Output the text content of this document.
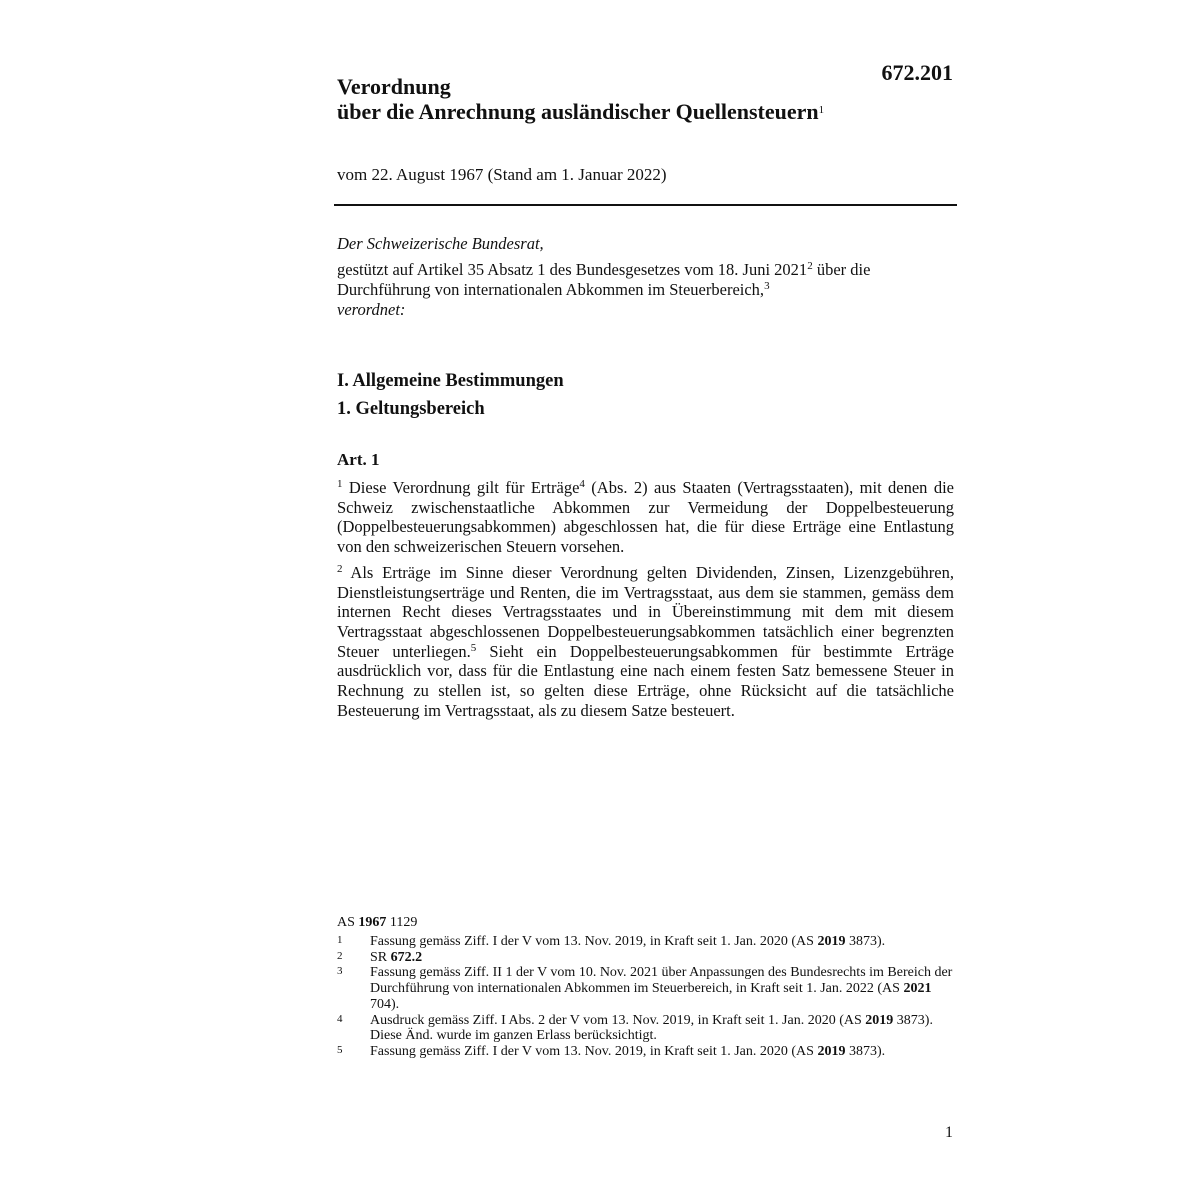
672.201
Verordnung
über die Anrechnung ausländischer Quellensteuern$^1$
vom 22. August 1967 (Stand am 1. Januar 2022)

Der Schweizerische Bundesrat,

gestützt auf Artikel 35 Absatz 1 des Bundesgesetzes vom 18. Juni 2021$^2$ über die Durchführung von internationalen Abkommen im Steuerbereich,$^3$

verordnet:

I. Allgemeine Bestimmungen
1. Geltungsbereich
Art. 1

$^1$ Diese Verordnung gilt für Erträge$^4$ (Abs. 2) aus Staaten (Vertragsstaaten), mit denen die Schweiz zwischenstaatliche Abkommen zur Vermeidung der Doppelbesteuerung (Doppelbesteuerungsabkommen) abgeschlossen hat, die für diese Erträge eine Entlastung von den schweizerischen Steuern vorsehen.

$^2$ Als Erträge im Sinne dieser Verordnung gelten Dividenden, Zinsen, Lizenzgebühren, Dienstleistungserträge und Renten, die im Vertragsstaat, aus dem sie stammen, gemäss dem internen Recht dieses Vertragsstaates und in Übereinstimmung mit dem mit diesem Vertragsstaat abgeschlossenen Doppelbesteuerungsabkommen tatsächlich einer begrenzten Steuer unterliegen.$^5$ Sieht ein Doppelbesteuerungsabkommen für bestimmte Erträge ausdrücklich vor, dass für die Entlastung eine nach einem festen Satz bemessene Steuer in Rechnung zu stellen ist, so gelten diese Erträge, ohne Rücksicht auf die tatsächliche Besteuerung im Vertragsstaat, als zu diesem Satze besteuert.

AS 1967 1129
1	Fassung gemäss Ziff. I der V vom 13. Nov. 2019, in Kraft seit 1. Jan. 2020 (AS 2019 3873).
2	SR 672.2
3	Fassung gemäss Ziff. II 1 der V vom 10. Nov. 2021 über Anpassungen des Bundesrechts im Bereich der Durchführung von internationalen Abkommen im Steuerbereich, in Kraft seit 1. Jan. 2022 (AS 2021 704).
4	Ausdruck gemäss Ziff. I Abs. 2 der V vom 13. Nov. 2019, in Kraft seit 1. Jan. 2020 (AS 2019 3873). Diese Änd. wurde im ganzen Erlass berücksichtigt.
5	Fassung gemäss Ziff. I der V vom 13. Nov. 2019, in Kraft seit 1. Jan. 2020 (AS 2019 3873).
1
